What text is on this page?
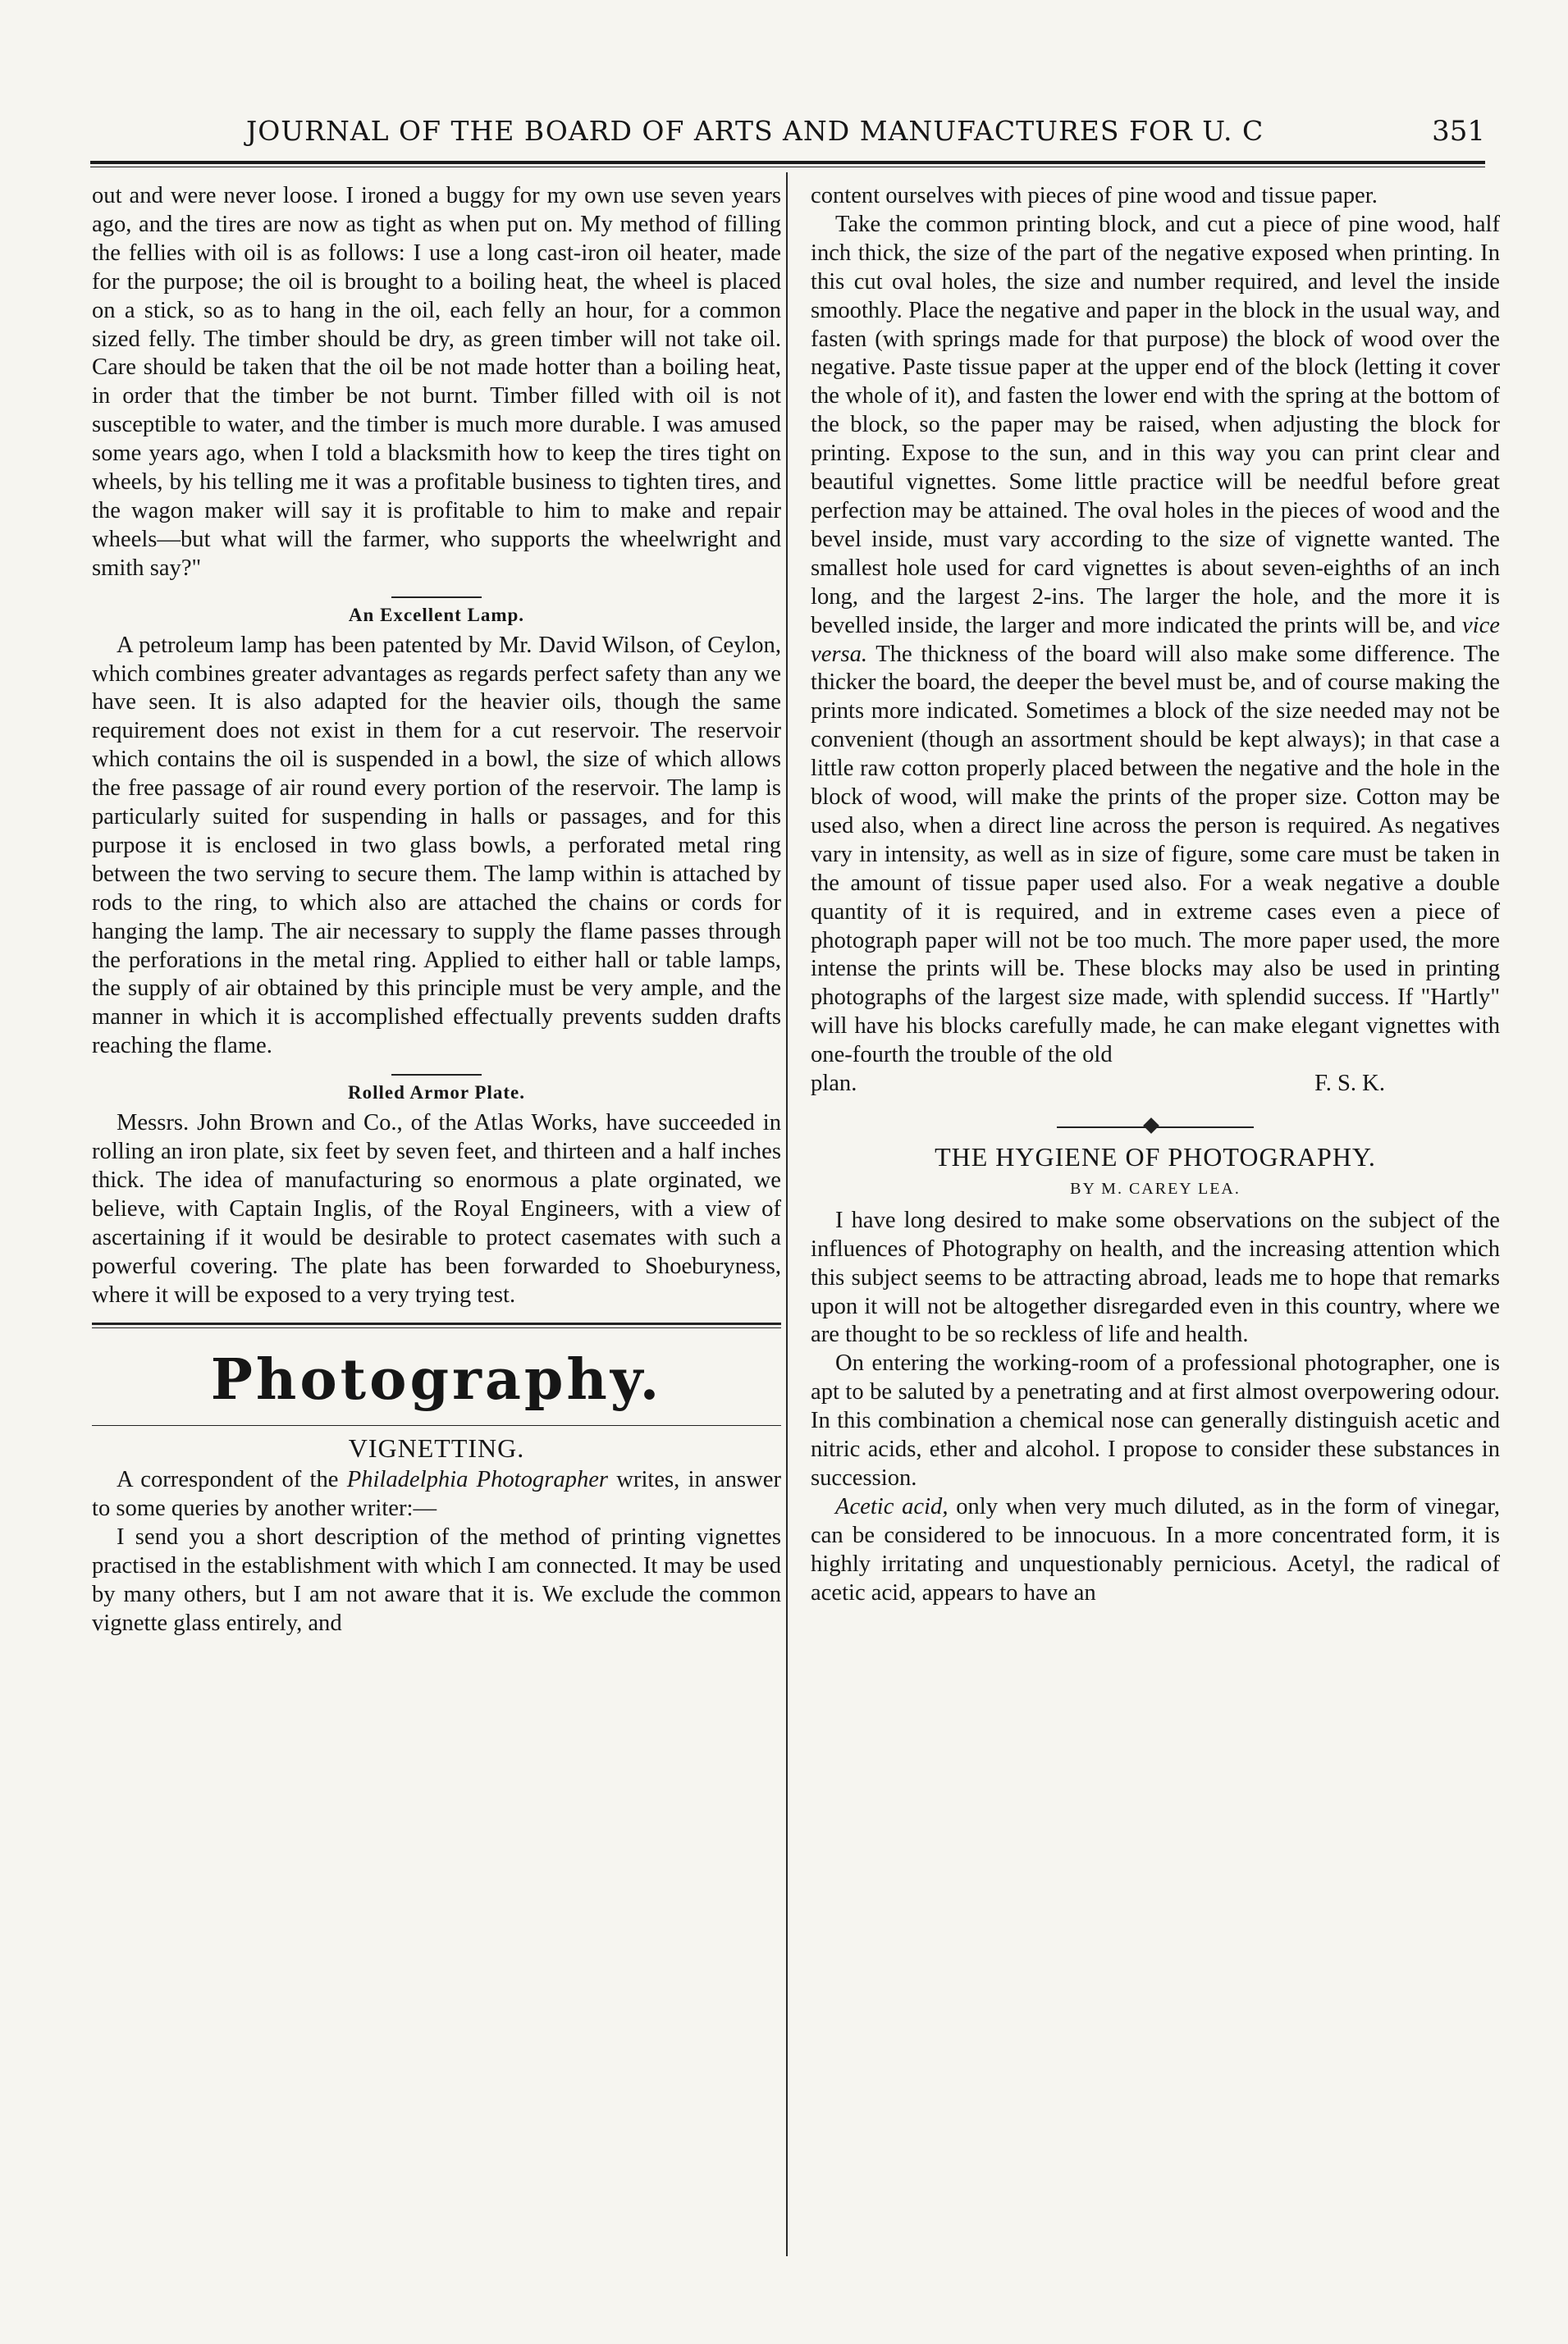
JOURNAL OF THE BOARD OF ARTS AND MANUFACTURES FOR U. C	351

out and were never loose. I ironed a buggy for my own use seven years ago, and the tires are now as tight as when put on. My method of filling the fellies with oil is as follows: I use a long cast-iron oil heater, made for the purpose; the oil is brought to a boiling heat, the wheel is placed on a stick, so as to hang in the oil, each felly an hour, for a common sized felly. The timber should be dry, as green timber will not take oil. Care should be taken that the oil be not made hotter than a boiling heat, in order that the timber be not burnt. Timber filled with oil is not susceptible to water, and the timber is much more durable. I was amused some years ago, when I told a blacksmith how to keep the tires tight on wheels, by his telling me it was a profitable business to tighten tires, and the wagon maker will say it is profitable to him to make and repair wheels—but what will the farmer, who supports the wheelwright and smith say?"

An Excellent Lamp.

A petroleum lamp has been patented by Mr. David Wilson, of Ceylon, which combines greater advantages as regards perfect safety than any we have seen. It is also adapted for the heavier oils, though the same requirement does not exist in them for a cut reservoir. The reservoir which contains the oil is suspended in a bowl, the size of which allows the free passage of air round every portion of the reservoir. The lamp is particularly suited for suspending in halls or passages, and for this purpose it is enclosed in two glass bowls, a perforated metal ring between the two serving to secure them. The lamp within is attached by rods to the ring, to which also are attached the chains or cords for hanging the lamp. The air necessary to supply the flame passes through the perforations in the metal ring. Applied to either hall or table lamps, the supply of air obtained by this principle must be very ample, and the manner in which it is accomplished effectually prevents sudden drafts reaching the flame.

Rolled Armor Plate.

Messrs. John Brown and Co., of the Atlas Works, have succeeded in rolling an iron plate, six feet by seven feet, and thirteen and a half inches thick. The idea of manufacturing so enormous a plate orginated, we believe, with Captain Inglis, of the Royal Engineers, with a view of ascertaining if it would be desirable to protect casemates with such a powerful covering. The plate has been forwarded to Shoeburyness, where it will be exposed to a very trying test.

Photography.

VIGNETTING.

A correspondent of the Philadelphia Photographer writes, in answer to some queries by another writer:—

I send you a short description of the method of printing vignettes practised in the establishment with which I am connected. It may be used by many others, but I am not aware that it is. We exclude the common vignette glass entirely, and

content ourselves with pieces of pine wood and tissue paper.

Take the common printing block, and cut a piece of pine wood, half inch thick, the size of the part of the negative exposed when printing. In this cut oval holes, the size and number required, and level the inside smoothly. Place the negative and paper in the block in the usual way, and fasten (with springs made for that purpose) the block of wood over the negative. Paste tissue paper at the upper end of the block (letting it cover the whole of it), and fasten the lower end with the spring at the bottom of the block, so the paper may be raised, when adjusting the block for printing. Expose to the sun, and in this way you can print clear and beautiful vignettes. Some little practice will be needful before great perfection may be attained. The oval holes in the pieces of wood and the bevel inside, must vary according to the size of vignette wanted. The smallest hole used for card vignettes is about seven-eighths of an inch long, and the largest 2-ins. The larger the hole, and the more it is bevelled inside, the larger and more indicated the prints will be, and vice versa. The thickness of the board will also make some difference. The thicker the board, the deeper the bevel must be, and of course making the prints more indicated. Sometimes a block of the size needed may not be convenient (though an assortment should be kept always); in that case a little raw cotton properly placed between the negative and the hole in the block of wood, will make the prints of the proper size. Cotton may be used also, when a direct line across the person is required. As negatives vary in intensity, as well as in size of figure, some care must be taken in the amount of tissue paper used also. For a weak negative a double quantity of it is required, and in extreme cases even a piece of photograph paper will not be too much. The more paper used, the more intense the prints will be. These blocks may also be used in printing photographs of the largest size made, with splendid success. If "Hartly" will have his blocks carefully made, he can make elegant vignettes with one-fourth the trouble of the old

plan.	F. S. K.

THE HYGIENE OF PHOTOGRAPHY.

BY M. CAREY LEA.

I have long desired to make some observations on the subject of the influences of Photography on health, and the increasing attention which this subject seems to be attracting abroad, leads me to hope that remarks upon it will not be altogether disregarded even in this country, where we are thought to be so reckless of life and health.

On entering the working-room of a professional photographer, one is apt to be saluted by a penetrating and at first almost overpowering odour. In this combination a chemical nose can generally distinguish acetic and nitric acids, ether and alcohol. I propose to consider these substances in succession.

Acetic acid, only when very much diluted, as in the form of vinegar, can be considered to be innocuous. In a more concentrated form, it is highly irritating and unquestionably pernicious. Acetyl, the radical of acetic acid, appears to have an
